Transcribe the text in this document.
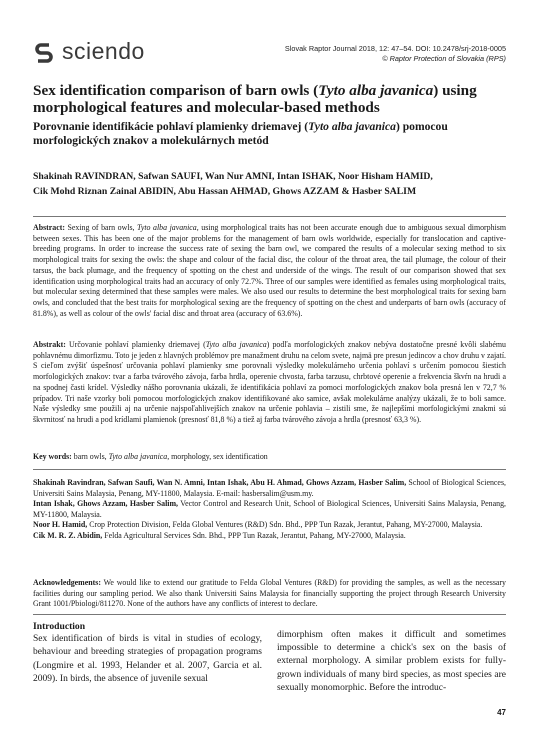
sciendo	Slovak Raptor Journal 2018, 12: 47–54. DOI: 10.2478/srj-2018-0005
© Raptor Protection of Slovakia (RPS)
Sex identification comparison of barn owls (Tyto alba javanica) using morphological features and molecular-based methods
Porovnanie identifikácie pohlaví plamienky driemavej (Tyto alba javanica) pomocou morfologických znakov a molekulárnych metód
Shakinah RAVINDRAN, Safwan SAUFI, Wan Nur AMNI, Intan ISHAK, Noor Hisham HAMID,
Cik Mohd Riznan Zainal ABIDIN, Abu Hassan AHMAD, Ghows AZZAM & Hasber SALIM
Abstract: Sexing of barn owls, Tyto alba javanica, using morphological traits has not been accurate enough due to ambiguous sexual dimorphism between sexes. This has been one of the major problems for the management of barn owls worldwide, especially for translocation and captive-breeding programs. In order to increase the success rate of sexing the barn owl, we compared the results of a molecular sexing method to six morphological traits for sexing the owls: the shape and colour of the facial disc, the colour of the throat area, the tail plumage, the colour of their tarsus, the back plumage, and the frequency of spotting on the chest and underside of the wings. The result of our comparison showed that sex identification using morphological traits had an accuracy of only 72.7%. Three of our samples were identified as females using morphological traits, but molecular sexing determined that these samples were males. We also used our results to determine the best morphological traits for sexing barn owls, and concluded that the best traits for morphological sexing are the frequency of spotting on the chest and underparts of barn owls (accuracy of 81.8%), as well as colour of the owls' facial disc and throat area (accuracy of 63.6%).
Abstrakt: Určovanie pohlaví plamienky driemavej (Tyto alba javanica) podľa morfologických znakov nebýva dostatočne presné kvôli slabému pohlavnému dimorfizmu. Toto je jeden z hlavných problémov pre manažment druhu na celom svete, najmä pre presun jedincov a chov druhu v zajatí. S cieľom zvýšiť úspešnosť určovania pohlaví plamienky sme porovnali výsledky molekulárneho určenia pohlaví s určením pomocou šiestich morfologických znakov: tvar a farba tvárového závoja, farba hrdla, operenie chvosta, farba tarzusu, chrbtové operenie a frekvencia škvŕn na hrudi a na spodnej časti krídel. Výsledky nášho porovnania ukázali, že identifikácia pohlaví za pomoci morfologických znakov bola presná len v 72,7 % prípadov. Tri naše vzorky boli pomocou morfologických znakov identifikované ako samice, avšak molekulárne analýzy ukázali, že to boli samce. Naše výsledky sme použili aj na určenie najspoľahlivejších znakov na určenie pohlavia – zistili sme, že najlepšími morfologickými znakmi sú škvrnitosť na hrudi a pod krídlami plamienok (presnosť 81,8 %) a tiež aj farba tvárového závoja a hrdla (presnosť 63,3 %).
Key words: barn owls, Tyto alba javanica, morphology, sex identification
Shakinah Ravindran, Safwan Saufi, Wan N. Amni, Intan Ishak, Abu H. Ahmad, Ghows Azzam, Hasber Salim, School of Biological Sciences, Universiti Sains Malaysia, Penang, MY-11800, Malaysia. E-mail: hasbersalim@usm.my.
Intan Ishak, Ghows Azzam, Hasber Salim, Vector Control and Research Unit, School of Biological Sciences, Universiti Sains Malaysia, Penang, MY-11800, Malaysia.
Noor H. Hamid, Crop Protection Division, Felda Global Ventures (R&D) Sdn. Bhd., PPP Tun Razak, Jerantut, Pahang, MY-27000, Malaysia.
Cik M. R. Z. Abidin, Felda Agricultural Services Sdn. Bhd., PPP Tun Razak, Jerantut, Pahang, MY-27000, Malaysia.
Acknowledgements: We would like to extend our gratitude to Felda Global Ventures (R&D) for providing the samples, as well as the necessary facilities during our sampling period. We also thank Universiti Sains Malaysia for financially supporting the project through Research University Grant 1001/Pbiologi/811270. None of the authors have any conflicts of interest to declare.
Introduction
Sex identification of birds is vital in studies of ecology, behaviour and breeding strategies of propagation programs (Longmire et al. 1993, Helander et al. 2007, Garcia et al. 2009). In birds, the absence of juvenile sexual
dimorphism often makes it difficult and sometimes impossible to determine a chick's sex on the basis of external morphology. A similar problem exists for fully-grown individuals of many bird species, as most species are sexually monomorphic. Before the introduc-
47
